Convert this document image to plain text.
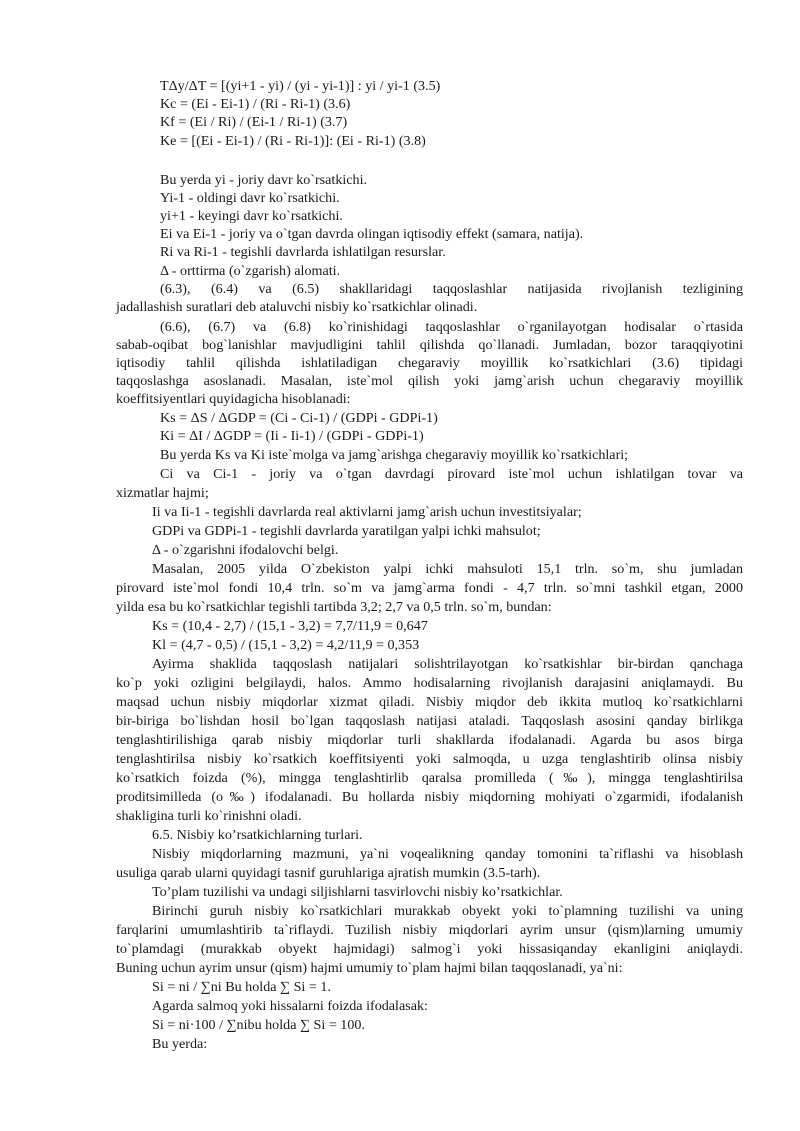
TΔy/ΔT = [(yi+1 - yi) / (yi - yi-1)] : yi / yi-1 (3.5)
Kc = (Ei - Ei-1) / (Ri - Ri-1) (3.6)
Kf = (Ei / Ri) / (Ei-1 / Ri-1) (3.7)
Ke = [(Ei - Ei-1) / (Ri - Ri-1)]: (Ei - Ri-1) (3.8)
Bu yerda yi - joriy davr ko`rsatkichi.
Yi-1 - oldingi davr ko`rsatkichi.
yi+1 - keyingi davr ko`rsatkichi.
Ei va Ei-1 - joriy va o`tgan davrda olingan iqtisodiy effekt (samara, natija).
Ri va Ri-1 - tegishli davrlarda ishlatilgan resurslar.
Δ - orttirma (o`zgarish) alomati.
(6.3), (6.4) va (6.5) shakllaridagi taqqoslashlar natijasida rivojlanish tezligining
jadallashish suratlari deb ataluvchi nisbiy ko`rsatkichlar olinadi.
(6.6), (6.7) va (6.8) ko`rinishidagi taqqoslashlar o`rganilayotgan hodisalar o`rtasida
sabab-oqibat bog`lanishlar mavjudligini tahlil qilishda qo`llanadi. Jumladan, bozor taraqqiyotini
iqtisodiy tahlil qilishda ishlatiladigan chegaraviy moyillik ko`rsatkichlari (3.6) tipidagi
taqqoslashga asoslanadi. Masalan, iste`mol qilish yoki jamg`arish uchun chegaraviy moyillik
koeffitsiyentlari quyidagicha hisoblanadi:
Ks = ΔS / ΔGDP = (Ci - Ci-1) / (GDPi - GDPi-1)
Ki = ΔI / ΔGDP = (Ii - Ii-1) / (GDPi - GDPi-1)
Bu yerda Ks va Ki iste`molga va jamg`arishga chegaraviy moyillik ko`rsatkichlari;
Ci va Ci-1 - joriy va o`tgan davrdagi pirovard iste`mol uchun ishlatilgan tovar va
xizmatlar hajmi;
Ii va Ii-1 - tegishli davrlarda real aktivlarni jamg`arish uchun investitsiyalar;
GDPi va GDPi-1 - tegishli davrlarda yaratilgan yalpi ichki mahsulot;
Δ - o`zgarishni ifodalovchi belgi.
Masalan, 2005 yilda O`zbekiston yalpi ichki mahsuloti 15,1 trln. so`m, shu jumladan
pirovard iste`mol fondi 10,4 trln. so`m va jamg`arma fondi - 4,7 trln. so`mni tashkil etgan, 2000
yilda esa bu ko`rsatkichlar tegishli tartibda 3,2; 2,7 va 0,5 trln. so`m, bundan:
Ks = (10,4 - 2,7) / (15,1 - 3,2) = 7,7/11,9 = 0,647
Kl = (4,7 - 0,5) / (15,1 - 3,2) = 4,2/11,9 = 0,353
Ayirma shaklida taqqoslash natijalari solishtrilayotgan ko`rsatkishlar bir-birdan qanchaga
ko`p yoki ozligini belgilaydi, halos. Ammo hodisalarning rivojlanish darajasini aniqlamaydi. Bu
maqsad uchun nisbiy miqdorlar xizmat qiladi. Nisbiy miqdor deb ikkita mutloq ko`rsatkichlarni
bir-biriga bo`lishdan hosil bo`lgan taqqoslash natijasi ataladi. Taqqoslash asosini qanday birlikga
tenglashtirilishiga qarab nisbiy miqdorlar turli shakllarda ifodalanadi. Agarda bu asos birga
tenglashtirilsa nisbiy ko`rsatkich koeffitsiyenti yoki salmoqda, u uzga tenglashtirib olinsa nisbiy
ko`rsatkich foizda (%), mingga tenglashtirlib qaralsa promilleda (‰), mingga tenglashtirilsa
proditsimilleda (o‰) ifodalanadi. Bu hollarda nisbiy miqdorning mohiyati o`zgarmidi, ifodalanish
shakligina turli ko`rinishni oladi.
6.5. Nisbiy ko’rsatkichlarning turlari.
Nisbiy miqdorlarning mazmuni, ya`ni voqealikning qanday tomonini ta`riflashi va hisoblash
usuliga qarab ularni quyidagi tasnif guruhlariga ajratish mumkin (3.5-tarh).
To’plam tuzilishi va undagi siljishlarni tasvirlovchi nisbiy ko’rsatkichlar.
Birinchi guruh nisbiy ko`rsatkichlari murakkab obyekt yoki to`plamning tuzilishi va uning
farqlarini umumlashtirib ta`riflaydi. Tuzilish nisbiy miqdorlari ayrim unsur (qism)larning umumiy
to`plamdagi (murakkab obyekt hajmidagi) salmog`i yoki hissasiqanday ekanligini aniqlaydi.
Buning uchun ayrim unsur (qism) hajmi umumiy to`plam hajmi bilan taqqoslanadi, ya`ni:
Si = ni / ∑ni Bu holda ∑ Si = 1.
Agarda salmoq yoki hissalarni foizda ifodalasak:
Si = ni·100 / ∑nibu holda ∑ Si = 100.
Bu yerda:
